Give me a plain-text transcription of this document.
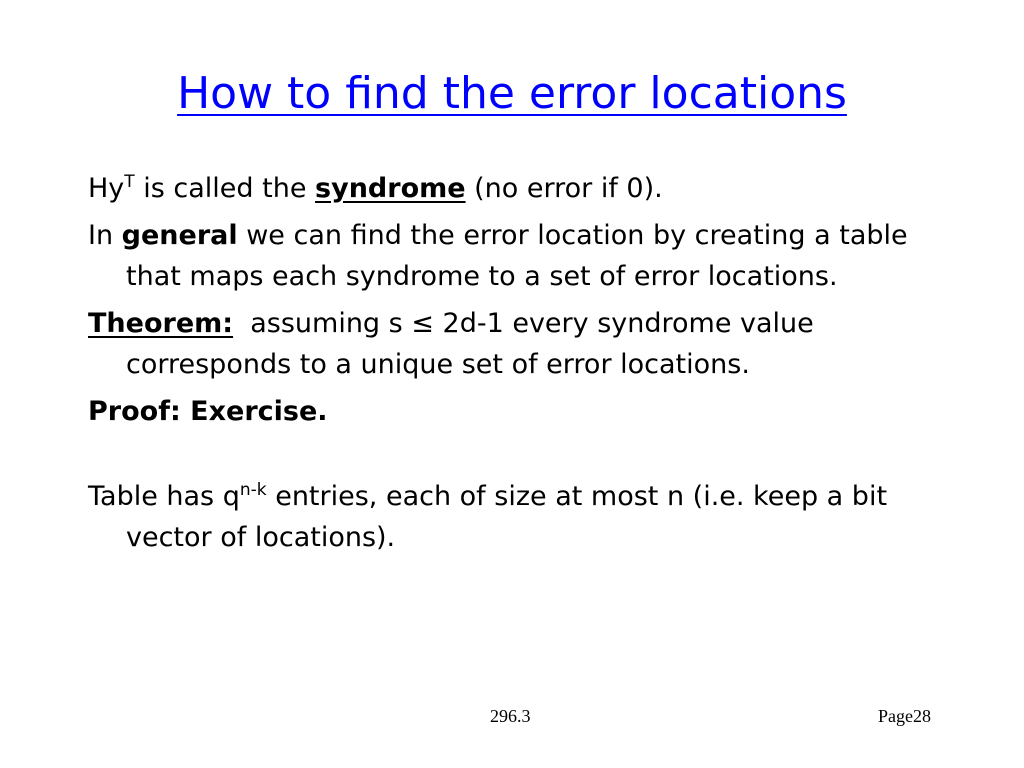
How to find the error locations

$Hy^T$ is called the syndrome (no error if 0).

In general we can find the error location by creating a table that maps each syndrome to a set of error locations.

Theorem:  assuming s ≤ 2d-1 every syndrome value corresponds to a unique set of error locations.

Proof: Exercise.

Table has $q^{n-k}$ entries, each of size at most n (i.e. keep a bit vector of locations).

296.3	Page28
